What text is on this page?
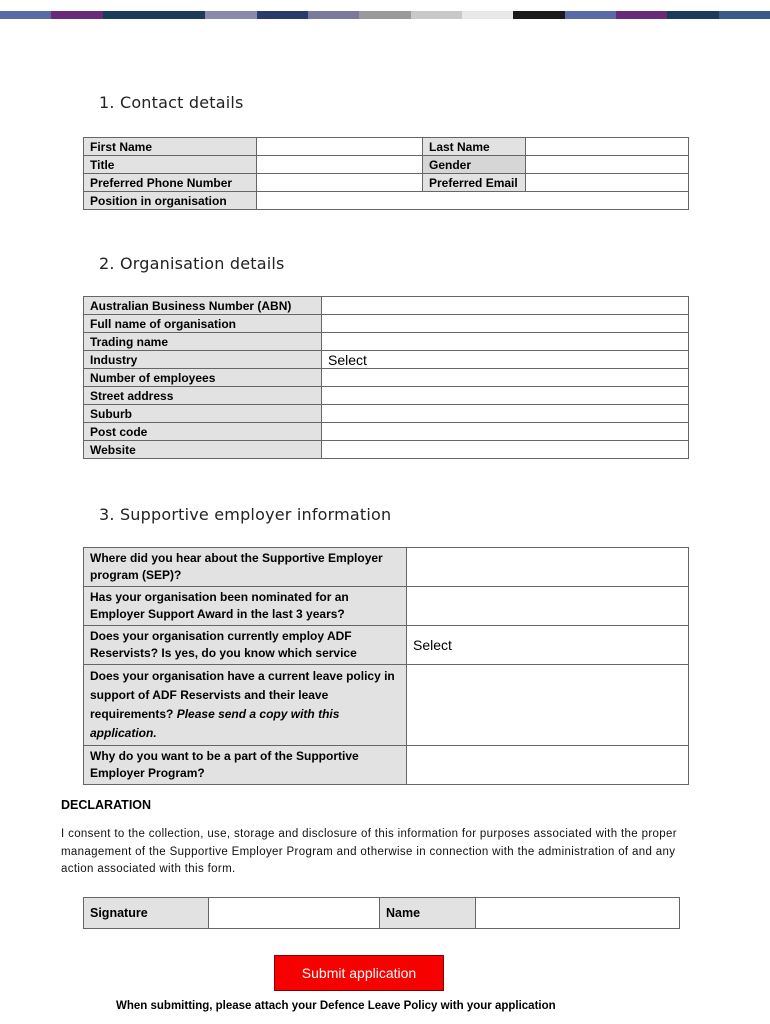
1. Contact details
First Name		Last Name	
Title		Gender	
Preferred Phone Number		Preferred Email	
Position in organisation			
2. Organisation details
Australian Business Number (ABN)	
Full name of organisation	
Trading name	
Industry	Select
Number of employees	
Street address	
Suburb	
Post code	
Website	
3. Supportive employer information
Where did you hear about the Supportive Employer program (SEP)?	
Has your organisation been nominated for an Employer Support Award in the last 3 years?	
Does your organisation currently employ ADF Reservists? Is yes, do you know which service	Select
Does your organisation have a current leave policy in support of ADF Reservists and their leave requirements? Please send a copy with this application.	
Why do you want to be a part of the Supportive Employer Program?	
DECLARATION
I consent to the collection, use, storage and disclosure of this information for purposes associated with the proper management of the Supportive Employer Program and otherwise in connection with the administration of and any action associated with this form.
Signature		Name	
Submit application
When submitting, please attach your Defence Leave Policy with your application
